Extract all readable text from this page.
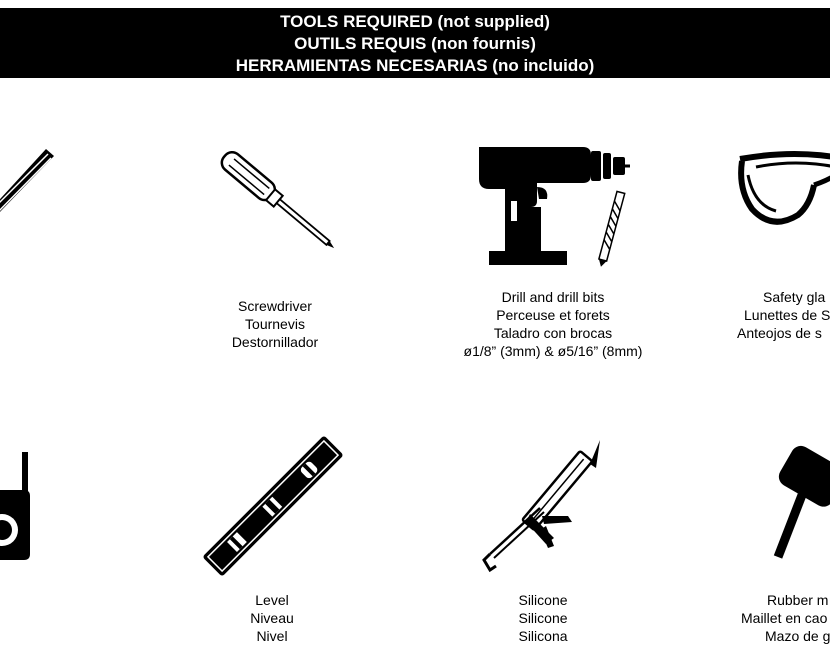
TOOLS REQUIRED (not supplied)
OUTILS REQUIS (non fournis)
HERRAMIENTAS NECESARIAS (no incluido)
Screwdriver
Tournevis
Destornillador
Drill and drill bits
Perceuse et forets
Taladro con brocas
ø1/8” (3mm) & ø5/16” (8mm)
Safety gla
Lunettes de S
Anteojos de s
Level
Niveau
Nivel
Silicone
Silicone
Silicona
Rubber m
Maillet en cao
Mazo de g
